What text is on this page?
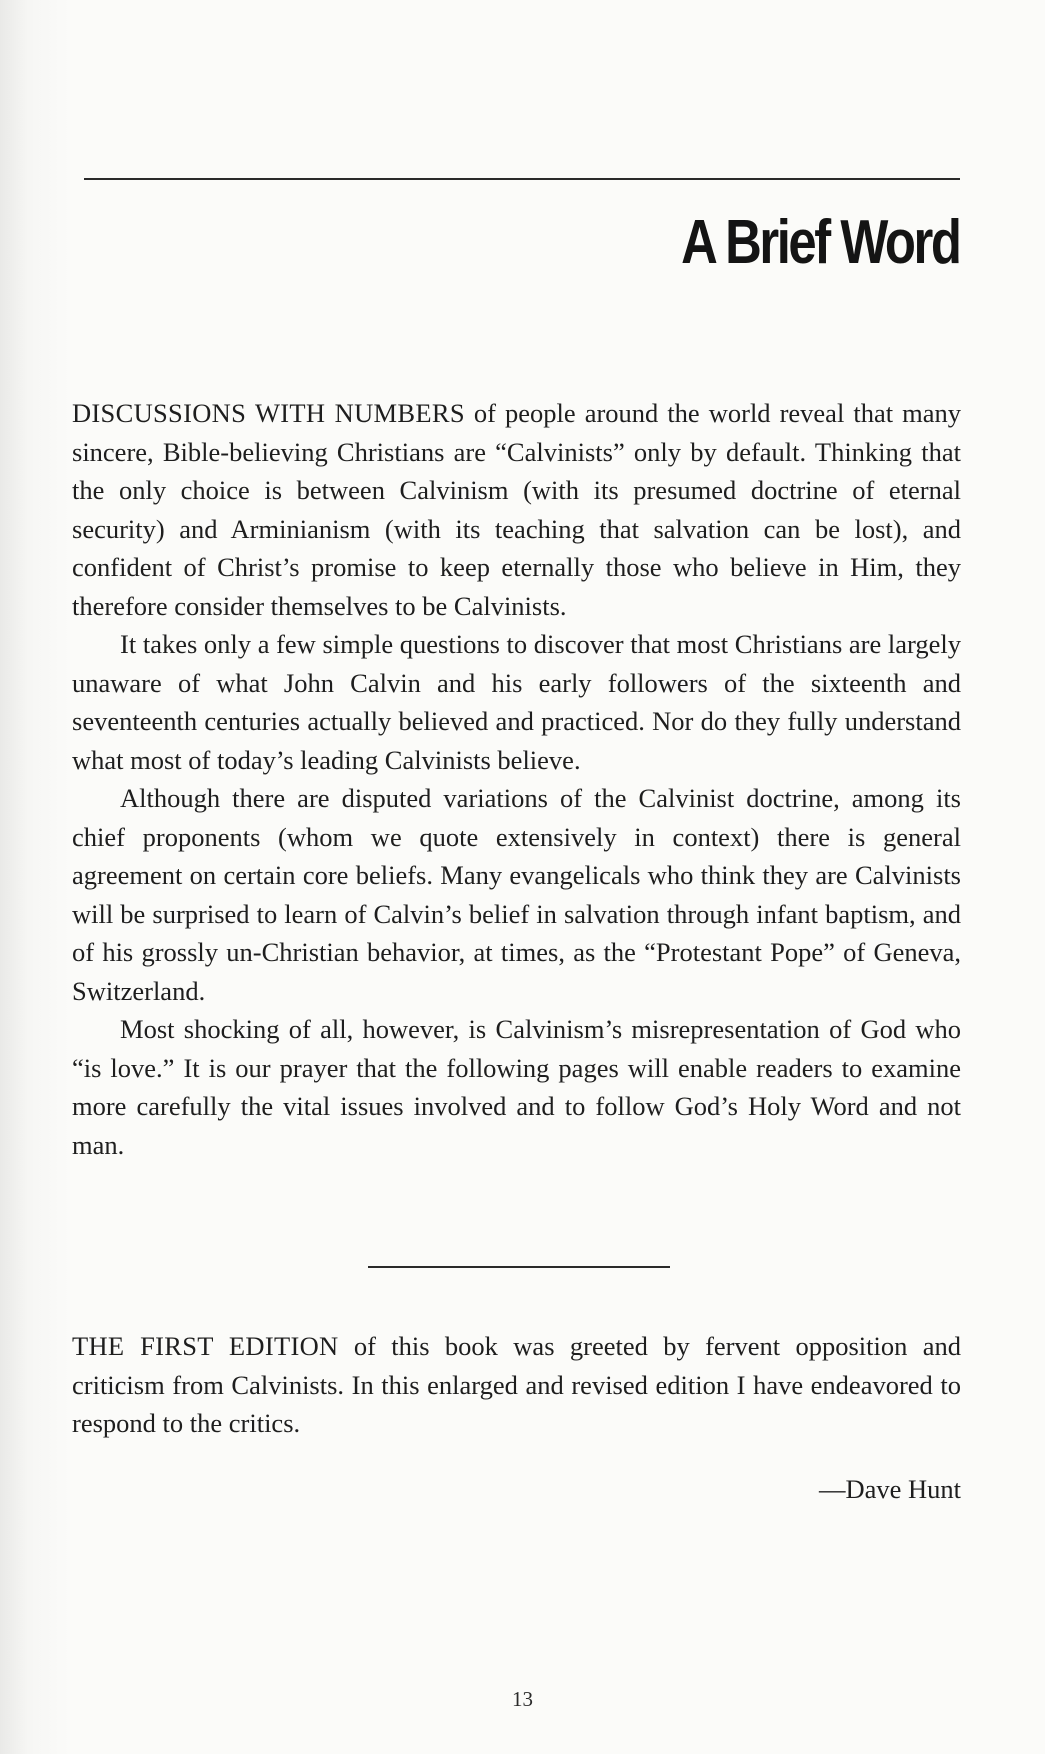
A Brief Word

DISCUSSIONS WITH NUMBERS of people around the world reveal that many sincere, Bible-believing Christians are “Calvinists” only by default. Thinking that the only choice is between Calvinism (with its presumed doctrine of eternal security) and Arminianism (with its teaching that salvation can be lost), and confident of Christ’s promise to keep eternally those who believe in Him, they therefore consider themselves to be Calvinists.

It takes only a few simple questions to discover that most Christians are largely unaware of what John Calvin and his early followers of the sixteenth and seventeenth centuries actually believed and practiced. Nor do they fully understand what most of today’s leading Calvinists believe.

Although there are disputed variations of the Calvinist doctrine, among its chief proponents (whom we quote extensively in context) there is general agreement on certain core beliefs. Many evangelicals who think they are Calvinists will be surprised to learn of Calvin’s belief in salvation through infant baptism, and of his grossly un-Christian behavior, at times, as the “Protestant Pope” of Geneva, Switzerland.

Most shocking of all, however, is Calvinism’s misrepresentation of God who “is love.” It is our prayer that the following pages will enable readers to examine more carefully the vital issues involved and to follow God’s Holy Word and not man.

THE FIRST EDITION of this book was greeted by fervent opposition and criticism from Calvinists. In this enlarged and revised edition I have endeavored to respond to the critics.

—Dave Hunt

13
